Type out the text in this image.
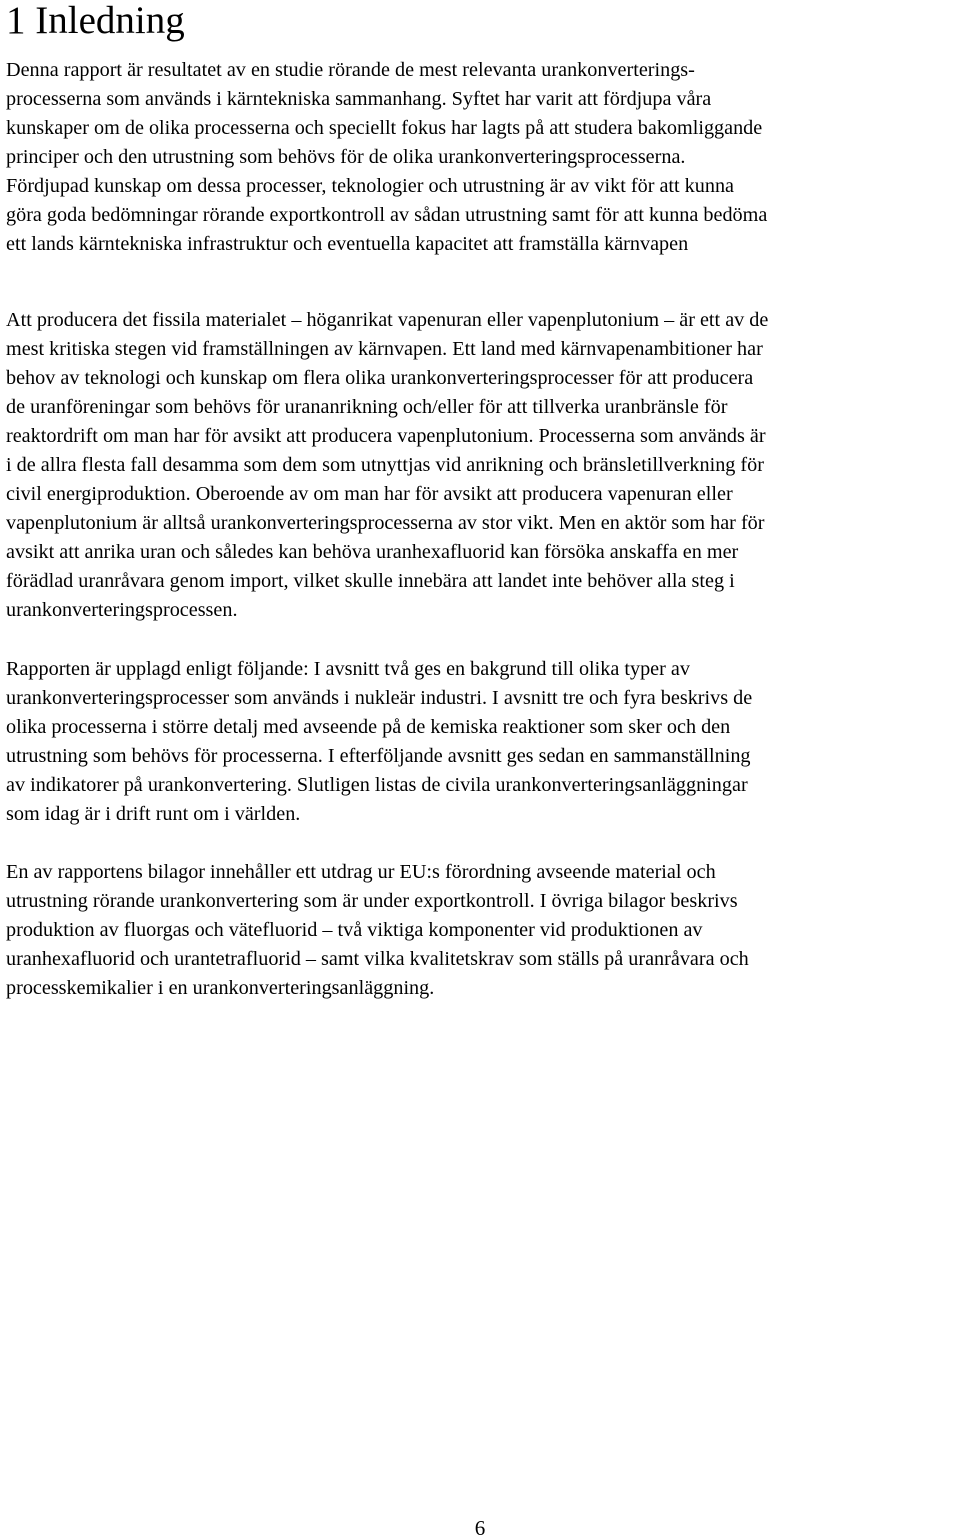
1 Inledning
Denna rapport är resultatet av en studie rörande de mest relevanta urankonverterings-
processerna som används i kärntekniska sammanhang. Syftet har varit att fördjupa våra
kunskaper om de olika processerna och speciellt fokus har lagts på att studera bakomliggande
principer och den utrustning som behövs för de olika urankonverteringsprocesserna.
Fördjupad kunskap om dessa processer, teknologier och utrustning är av vikt för att kunna
göra goda bedömningar rörande exportkontroll av sådan utrustning samt för att kunna bedöma
ett lands kärntekniska infrastruktur och eventuella kapacitet att framställa kärnvapen
Att producera det fissila materialet – höganrikat vapenuran eller vapenplutonium – är ett av de
mest kritiska stegen vid framställningen av kärnvapen. Ett land med kärnvapenambitioner har
behov av teknologi och kunskap om flera olika urankonverteringsprocesser för att producera
de uranföreningar som behövs för urananrikning och/eller för att tillverka uranbränsle för
reaktordrift om man har för avsikt att producera vapenplutonium. Processerna som används är
i de allra flesta fall desamma som dem som utnyttjas vid anrikning och bränsletillverkning för
civil energiproduktion. Oberoende av om man har för avsikt att producera vapenuran eller
vapenplutonium är alltså urankonverteringsprocesserna av stor vikt. Men en aktör som har för
avsikt att anrika uran och således kan behöva uranhexafluorid kan försöka anskaffa en mer
förädlad uranråvara genom import, vilket skulle innebära att landet inte behöver alla steg i
urankonverteringsprocessen.
Rapporten är upplagd enligt följande: I avsnitt två ges en bakgrund till olika typer av
urankonverteringsprocesser som används i nukleär industri. I avsnitt tre och fyra beskrivs de
olika processerna i större detalj med avseende på de kemiska reaktioner som sker och den
utrustning som behövs för processerna. I efterföljande avsnitt ges sedan en sammanställning
av indikatorer på urankonvertering. Slutligen listas de civila urankonverteringsanläggningar
som idag är i drift runt om i världen.
En av rapportens bilagor innehåller ett utdrag ur EU:s förordning avseende material och
utrustning rörande urankonvertering som är under exportkontroll. I övriga bilagor beskrivs
produktion av fluorgas och vätefluorid – två viktiga komponenter vid produktionen av
uranhexafluorid och urantetrafluorid – samt vilka kvalitetskrav som ställs på uranråvara och
processkemikalier i en urankonverteringsanläggning.
6
